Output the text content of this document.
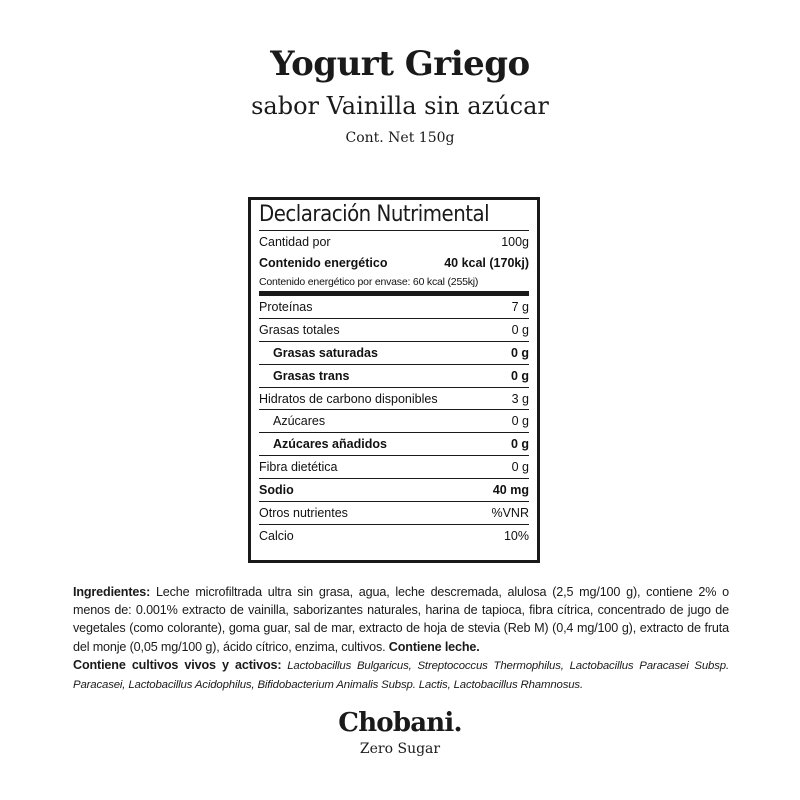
Yogurt Griego
sabor Vainilla sin azúcar
Cont. Net 150g
Declaración Nutrimental
Cantidad por	100g
Contenido energético	40 kcal (170kj)
Contenido energético por envase: 60 kcal (255kj)
Proteínas	7 g
Grasas totales	0 g
Grasas saturadas	0 g
Grasas trans	0 g
Hidratos de carbono disponibles	3 g
Azúcares	0 g
Azúcares añadidos	0 g
Fibra dietética	0 g
Sodio	40 mg
Otros nutrientes	%VNR
Calcio	10%
Ingredientes: Leche microfiltrada ultra sin grasa, agua, leche descremada, alulosa (2,5 mg/100 g), contiene 2% o menos de: 0.001% extracto de vainilla, saborizantes naturales, harina de tapioca, fibra cítrica, concentrado de jugo de vegetales (como colorante), goma guar, sal de mar, extracto de hoja de stevia (Reb M) (0,4 mg/100 g), extracto de fruta del monje (0,05 mg/100 g), ácido cítrico, enzima, cultivos. Contiene leche.
Contiene cultivos vivos y activos: Lactobacillus Bulgaricus, Streptococcus Thermophilus, Lactobacillus Paracasei Subsp. Paracasei, Lactobacillus Acidophilus, Bifidobacterium Animalis Subsp. Lactis, Lactobacillus Rhamnosus.
Chobani.
Zero Sugar
